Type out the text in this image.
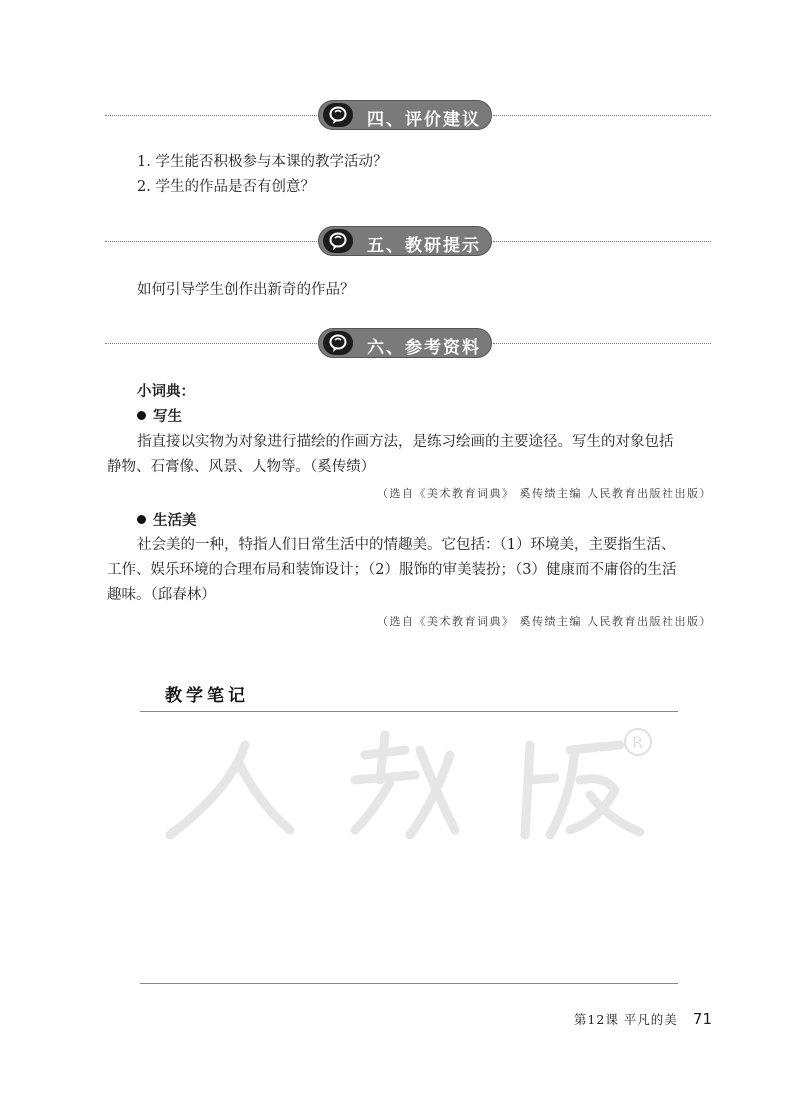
四、评价建议
1. 学生能否积极参与本课的教学活动？
2. 学生的作品是否有创意？
五、教研提示
如何引导学生创作出新奇的作品？
六、参考资料
小词典：
写生
指直接以实物为对象进行描绘的作画方法，是练习绘画的主要途径。写生的对象包括
静物、石膏像、风景、人物等。（奚传绩）
（选自《美术教育词典》 奚传绩主编 人民教育出版社出版）
生活美
社会美的一种，特指人们日常生活中的情趣美。它包括：（1）环境美，主要指生活、
工作、娱乐环境的合理布局和装饰设计；（2）服饰的审美装扮；（3）健康而不庸俗的生活
趣味。（邱春林）
（选自《美术教育词典》 奚传绩主编 人民教育出版社出版）
教学笔记
R
第12课 平凡的美 71
